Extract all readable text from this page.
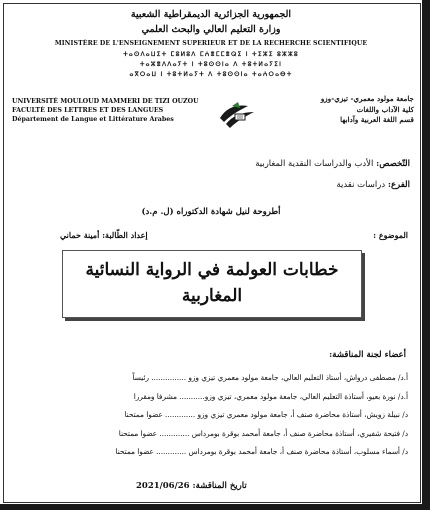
الجمهورية الجزائرية الديمقراطية الشعبية
وزارة التعليم العالي والبحث العلمي
MINISTÈRE DE L'ENSEIGNEMENT SUPERIEUR ET DE LA RECHERCHE SCIENTIFIQUE
ⵜⴰⵙⴷⴰⵡⵉⵜ ⵎⵓⵍⵓⴷ ⵎⵄⴻⵎⵎⴻⵕⵉ ⵏ ⵜⵉⵣⵉ ⵓⵣⵣⵓ
ⵜⴰⵣⴻⴷⴷⴰⵢⵜ ⵏ ⵜⵓⵙⵙⵏⴰ ⴷ ⵜⵓⵜⵍⴰⵢⵉⵏ
ⴰⴳⵔⴰⵡ ⵏ ⵜⵓⵜⵍⴰⵢⵜ ⴷ ⵜⵓⵙⵙⵏⴰ ⵜⴰⵄⵔⴰⴱⵜ
UNIVERSITÉ MOULOUD MAMMERI DE TIZI OUZOU
FACULTÉ DES LETTRES ET DES LANGUES
Département de Langue et Littérature Arabes
جامعة مولود معمري- تيزي-وزو
كلية الآداب واللغات
قسم اللغة العربية وآدابها
التّخصص: الأدب والدراسات النقدية المغاربية
الفرع: دراسات نقدية
أطروحة لنيل شهادة الدكتوراه (ل. م.د)
الموضوع :
إعداد الطّالبة: أمينة حماني
خطابات العولمة في الرواية النسائية
المغاربية
أعضاء لجنة المناقشة:
أ.د/ مصطفى درواش، أستاذ التعليم العالي، جامعة مولود معمري تيزي وزو ............... رئيساً
أ.د/ نورة بعيو، أستاذة التعليم العالي، جامعة مولود معمري، تيزي وزو........... مشرفا ومقررا
د/ نبيلة زويش، أستاذة محاضرة صنف أ، جامعة مولود معمري تيزي وزو ............. عضوا ممتحنا
د/ فتيحة شفيري، أستاذة محاضرة صنف أ، جامعة أمحمد بوقرة بومرداس ............. عضوا ممتحنا
د/ أسماء مسلوب، أستاذة محاضرة صنف أ، جامعة أمحمد بوقرة بومرداس ............. عضوا ممتحنا
تاريخ المناقشة: 2021/06/26
